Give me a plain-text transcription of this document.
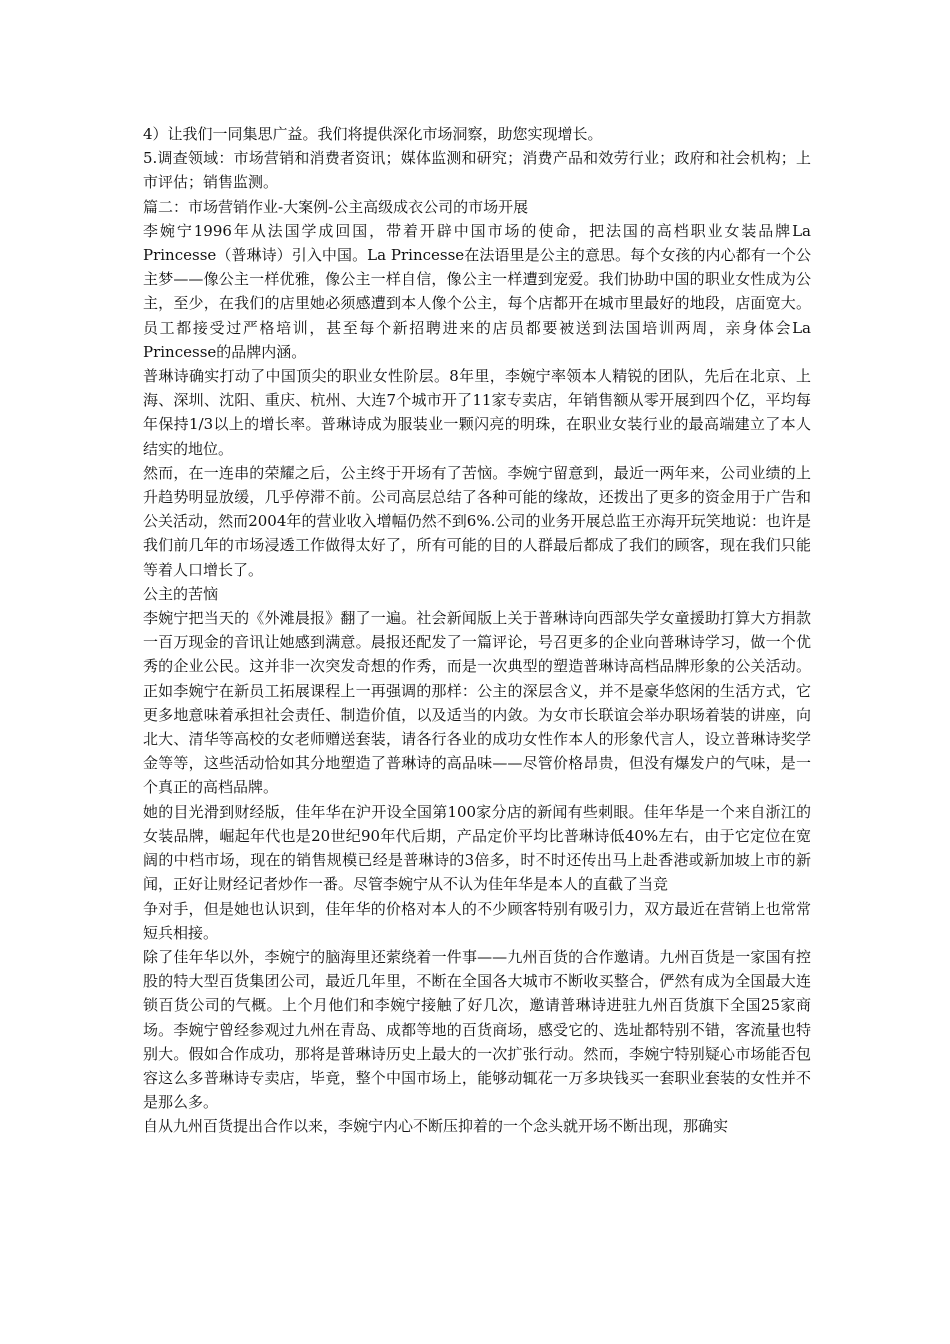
4）让我们一同集思广益。我们将提供深化市场洞察，助您实现增长。

5.调查领域：市场营销和消费者资讯；媒体监测和研究；消费产品和效劳行业；政府和社会机构；上市评估；销售监测。

篇二：市场营销作业-大案例-公主高级成衣公司的市场开展

李婉宁1996年从法国学成回国，带着开辟中国市场的使命，把法国的高档职业女装品牌La Princesse（普琳诗）引入中国。La Princesse在法语里是公主的意思。每个女孩的内心都有一个公主梦——像公主一样优雅，像公主一样自信，像公主一样遭到宠爱。我们协助中国的职业女性成为公主，至少，在我们的店里她必须感遭到本人像个公主，每个店都开在城市里最好的地段，店面宽大。员工都接受过严格培训，甚至每个新招聘进来的店员都要被送到法国培训两周，亲身体会La Princesse的品牌内涵。

普琳诗确实打动了中国顶尖的职业女性阶层。8年里，李婉宁率领本人精锐的团队，先后在北京、上海、深圳、沈阳、重庆、杭州、大连7个城市开了11家专卖店，年销售额从零开展到四个亿，平均每年保持1/3以上的增长率。普琳诗成为服装业一颗闪亮的明珠，在职业女装行业的最高端建立了本人结实的地位。

然而，在一连串的荣耀之后，公主终于开场有了苦恼。李婉宁留意到，最近一两年来，公司业绩的上升趋势明显放缓，几乎停滞不前。公司高层总结了各种可能的缘故，还拨出了更多的资金用于广告和公关活动，然而2004年的营业收入增幅仍然不到6%.公司的业务开展总监王亦海开玩笑地说：也许是我们前几年的市场浸透工作做得太好了，所有可能的目的人群最后都成了我们的顾客，现在我们只能等着人口增长了。

公主的苦恼

李婉宁把当天的《外滩晨报》翻了一遍。社会新闻版上关于普琳诗向西部失学女童援助打算大方捐款一百万现金的音讯让她感到满意。晨报还配发了一篇评论，号召更多的企业向普琳诗学习，做一个优秀的企业公民。这并非一次突发奇想的作秀，而是一次典型的塑造普琳诗高档品牌形象的公关活动。正如李婉宁在新员工拓展课程上一再强调的那样：公主的深层含义，并不是豪华悠闲的生活方式，它更多地意味着承担社会责任、制造价值，以及适当的内敛。为女市长联谊会举办职场着装的讲座，向北大、清华等高校的女老师赠送套装，请各行各业的成功女性作本人的形象代言人，设立普琳诗奖学金等等，这些活动恰如其分地塑造了普琳诗的高品味——尽管价格昂贵，但没有爆发户的气味，是一个真正的高档品牌。

她的目光滑到财经版，佳年华在沪开设全国第100家分店的新闻有些刺眼。佳年华是一个来自浙江的女装品牌，崛起年代也是20世纪90年代后期，产品定价平均比普琳诗低40%左右，由于它定位在宽阔的中档市场，现在的销售规模已经是普琳诗的3倍多，时不时还传出马上赴香港或新加坡上市的新闻，正好让财经记者炒作一番。尽管李婉宁从不认为佳年华是本人的直截了当竞

争对手，但是她也认识到，佳年华的价格对本人的不少顾客特别有吸引力，双方最近在营销上也常常短兵相接。

除了佳年华以外，李婉宁的脑海里还萦绕着一件事——九州百货的合作邀请。九州百货是一家国有控股的特大型百货集团公司，最近几年里，不断在全国各大城市不断收买整合，俨然有成为全国最大连锁百货公司的气概。上个月他们和李婉宁接触了好几次，邀请普琳诗进驻九州百货旗下全国25家商场。李婉宁曾经参观过九州在青岛、成都等地的百货商场，感受它的、选址都特别不错，客流量也特别大。假如合作成功，那将是普琳诗历史上最大的一次扩张行动。然而，李婉宁特别疑心市场能否包容这么多普琳诗专卖店，毕竟，整个中国市场上，能够动辄花一万多块钱买一套职业套装的女性并不是那么多。

自从九州百货提出合作以来，李婉宁内心不断压抑着的一个念头就开场不断出现，那确实
